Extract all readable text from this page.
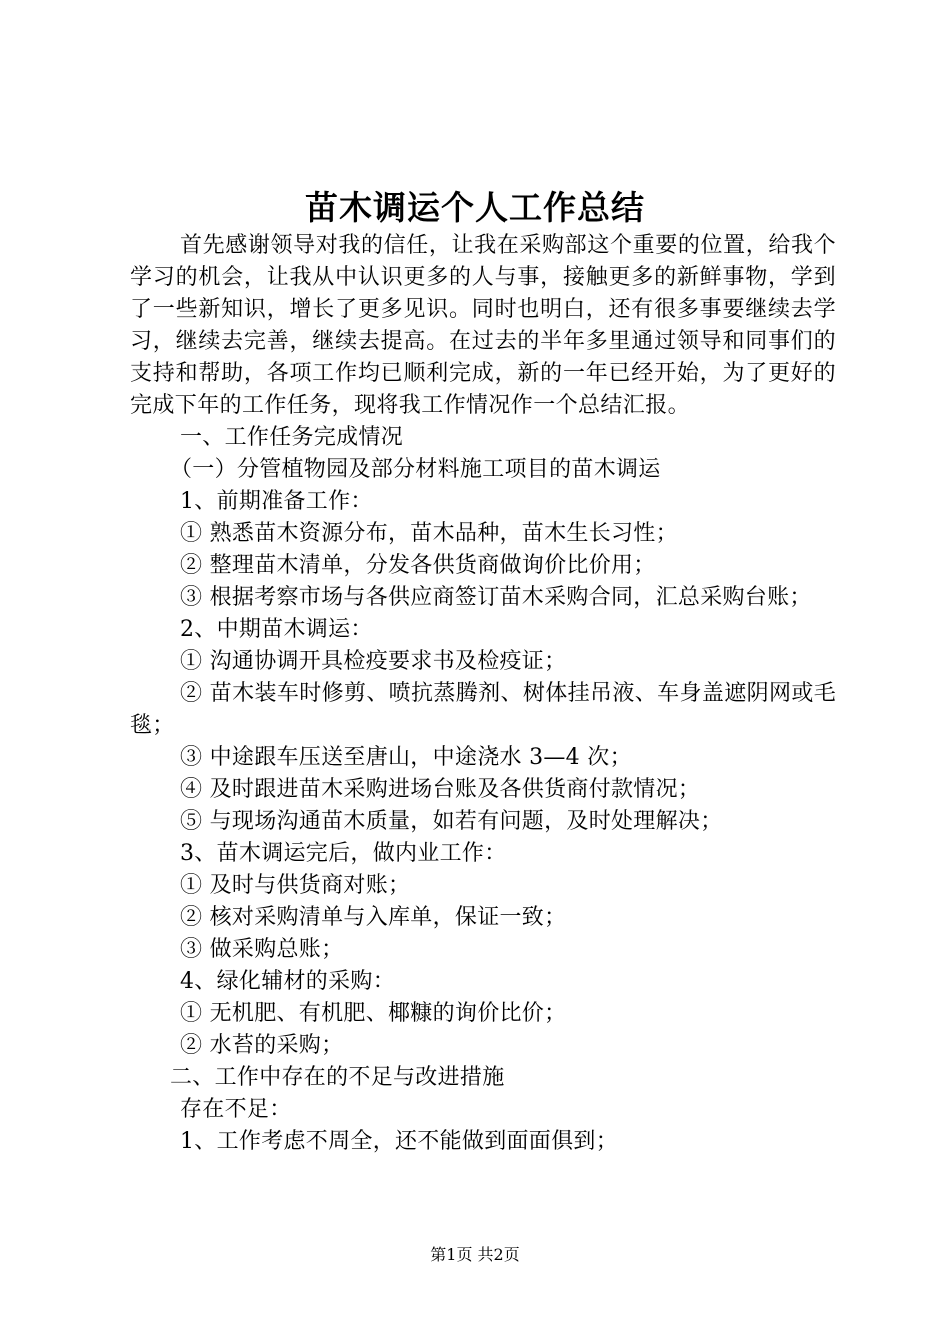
苗木调运个人工作总结

首先感谢领导对我的信任，让我在采购部这个重要的位置，给我个学习的机会，让我从中认识更多的人与事，接触更多的新鲜事物，学到了一些新知识，增长了更多见识。同时也明白，还有很多事要继续去学习，继续去完善，继续去提高。在过去的半年多里通过领导和同事们的支持和帮助，各项工作均已顺利完成，新的一年已经开始，为了更好的完成下年的工作任务，现将我工作情况作一个总结汇报。

一、工作任务完成情况

（一）分管植物园及部分材料施工项目的苗木调运

1、前期准备工作：

① 熟悉苗木资源分布，苗木品种，苗木生长习性；

② 整理苗木清单，分发各供货商做询价比价用；

③ 根据考察市场与各供应商签订苗木采购合同，汇总采购台账；

2、中期苗木调运：

① 沟通协调开具检疫要求书及检疫证；

② 苗木装车时修剪、喷抗蒸腾剂、树体挂吊液、车身盖遮阴网或毛毯；

③ 中途跟车压送至唐山，中途浇水 3—4 次；

④ 及时跟进苗木采购进场台账及各供货商付款情况；

⑤ 与现场沟通苗木质量，如若有问题，及时处理解决；

3、苗木调运完后，做内业工作：

① 及时与供货商对账；

② 核对采购清单与入库单，保证一致；

③ 做采购总账；

4、绿化辅材的采购：

① 无机肥、有机肥、椰糠的询价比价；

② 水苔的采购；

二、工作中存在的不足与改进措施

存在不足：

1、工作考虑不周全，还不能做到面面俱到；

第1页 共2页
